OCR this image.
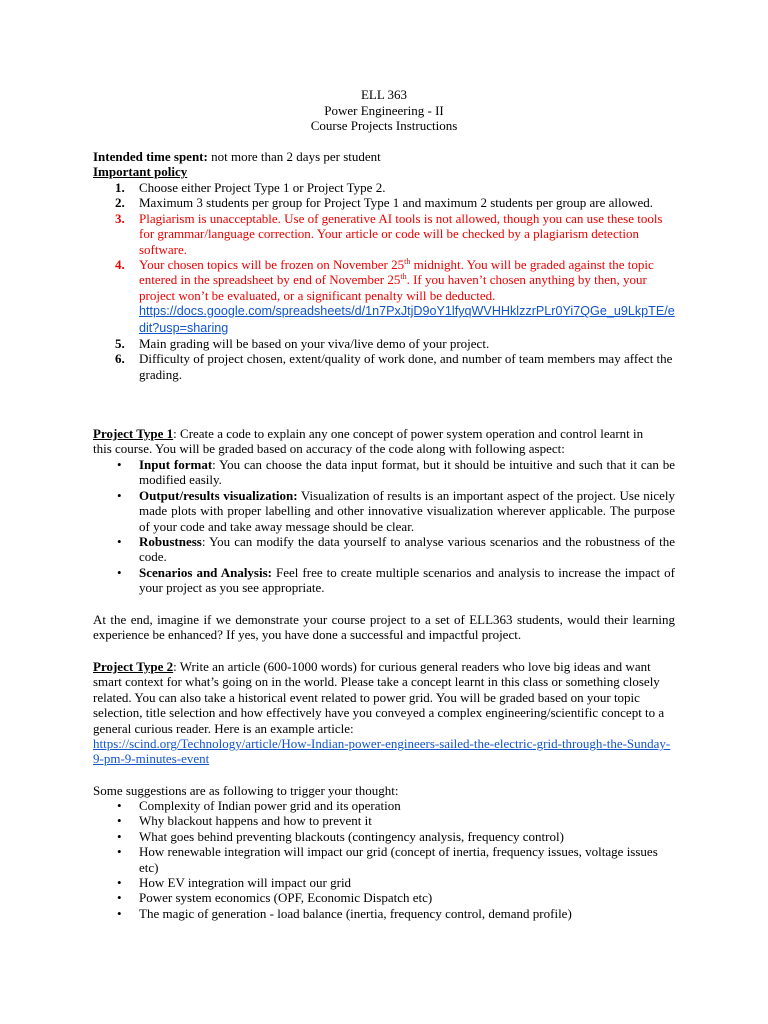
ELL 363
Power Engineering - II
Course Projects Instructions
Intended time spent: not more than 2 days per student
Important policy
1. Choose either Project Type 1 or Project Type 2.
2. Maximum 3 students per group for Project Type 1 and maximum 2 students per group are allowed.
3. Plagiarism is unacceptable. Use of generative AI tools is not allowed, though you can use these tools for grammar/language correction. Your article or code will be checked by a plagiarism detection software.
4. Your chosen topics will be frozen on November 25th midnight. You will be graded against the topic entered in the spreadsheet by end of November 25th. If you haven’t chosen anything by then, your project won’t be evaluated, or a significant penalty will be deducted.
https://docs.google.com/spreadsheets/d/1n7PxJtjD9oY1lfyqWVHHklzzrPLr0Yi7QGe_u9LkpTE/edit?usp=sharing
5. Main grading will be based on your viva/live demo of your project.
6. Difficulty of project chosen, extent/quality of work done, and number of team members may affect the grading.
Project Type 1: Create a code to explain any one concept of power system operation and control learnt in this course. You will be graded based on accuracy of the code along with following aspect:
• Input format: You can choose the data input format, but it should be intuitive and such that it can be modified easily.
• Output/results visualization: Visualization of results is an important aspect of the project. Use nicely made plots with proper labelling and other innovative visualization wherever applicable. The purpose of your code and take away message should be clear.
• Robustness: You can modify the data yourself to analyse various scenarios and the robustness of the code.
• Scenarios and Analysis: Feel free to create multiple scenarios and analysis to increase the impact of your project as you see appropriate.
At the end, imagine if we demonstrate your course project to a set of ELL363 students, would their learning experience be enhanced? If yes, you have done a successful and impactful project.
Project Type 2: Write an article (600-1000 words) for curious general readers who love big ideas and want smart context for what’s going on in the world. Please take a concept learnt in this class or something closely related. You can also take a historical event related to power grid. You will be graded based on your topic selection, title selection and how effectively have you conveyed a complex engineering/scientific concept to a general curious reader. Here is an example article:
https://scind.org/Technology/article/How-Indian-power-engineers-sailed-the-electric-grid-through-the-Sunday-9-pm-9-minutes-event
Some suggestions are as following to trigger your thought:
• Complexity of Indian power grid and its operation
• Why blackout happens and how to prevent it
• What goes behind preventing blackouts (contingency analysis, frequency control)
• How renewable integration will impact our grid (concept of inertia, frequency issues, voltage issues etc)
• How EV integration will impact our grid
• Power system economics (OPF, Economic Dispatch etc)
• The magic of generation - load balance (inertia, frequency control, demand profile)
